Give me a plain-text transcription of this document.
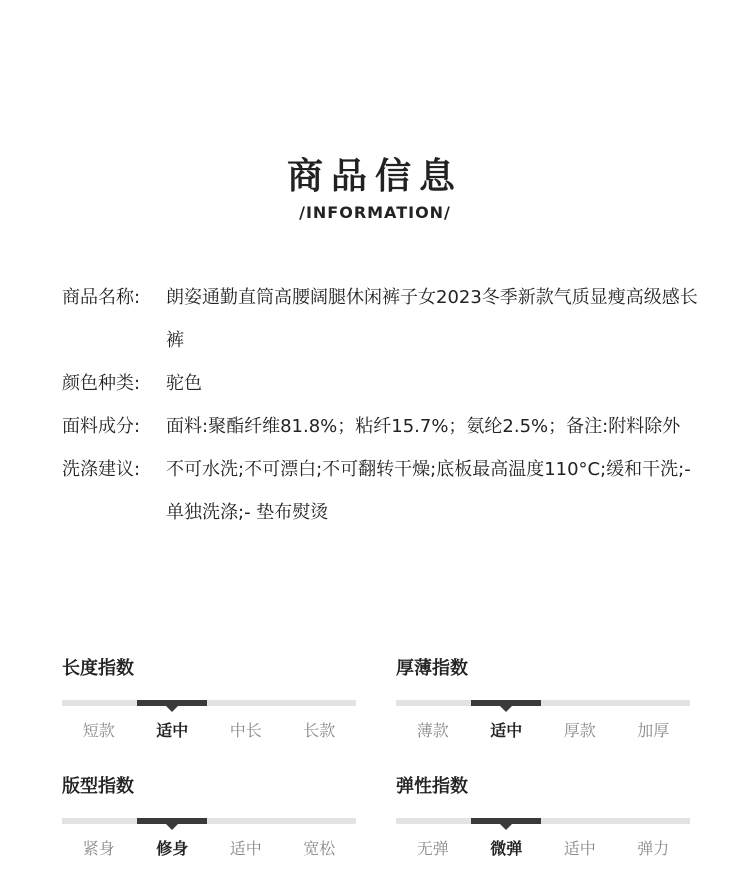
商品信息
/INFORMATION/
商品名称:	朗姿通勤直筒高腰阔腿休闲裤子女2023冬季新款气质显瘦高级感长裤
颜色种类:	驼色
面料成分:	面料:聚酯纤维81.8%；粘纤15.7%；氨纶2.5%；备注:附料除外
洗涤建议:	不可水洗;不可漂白;不可翻转干燥;底板最高温度110°C;缓和干洗;- 单独洗涤;- 垫布熨烫
长度指数
短款	适中	中长	长款
厚薄指数
薄款	适中	厚款	加厚
版型指数
紧身	修身	适中	宽松
弹性指数
无弹	微弹	适中	弹力
